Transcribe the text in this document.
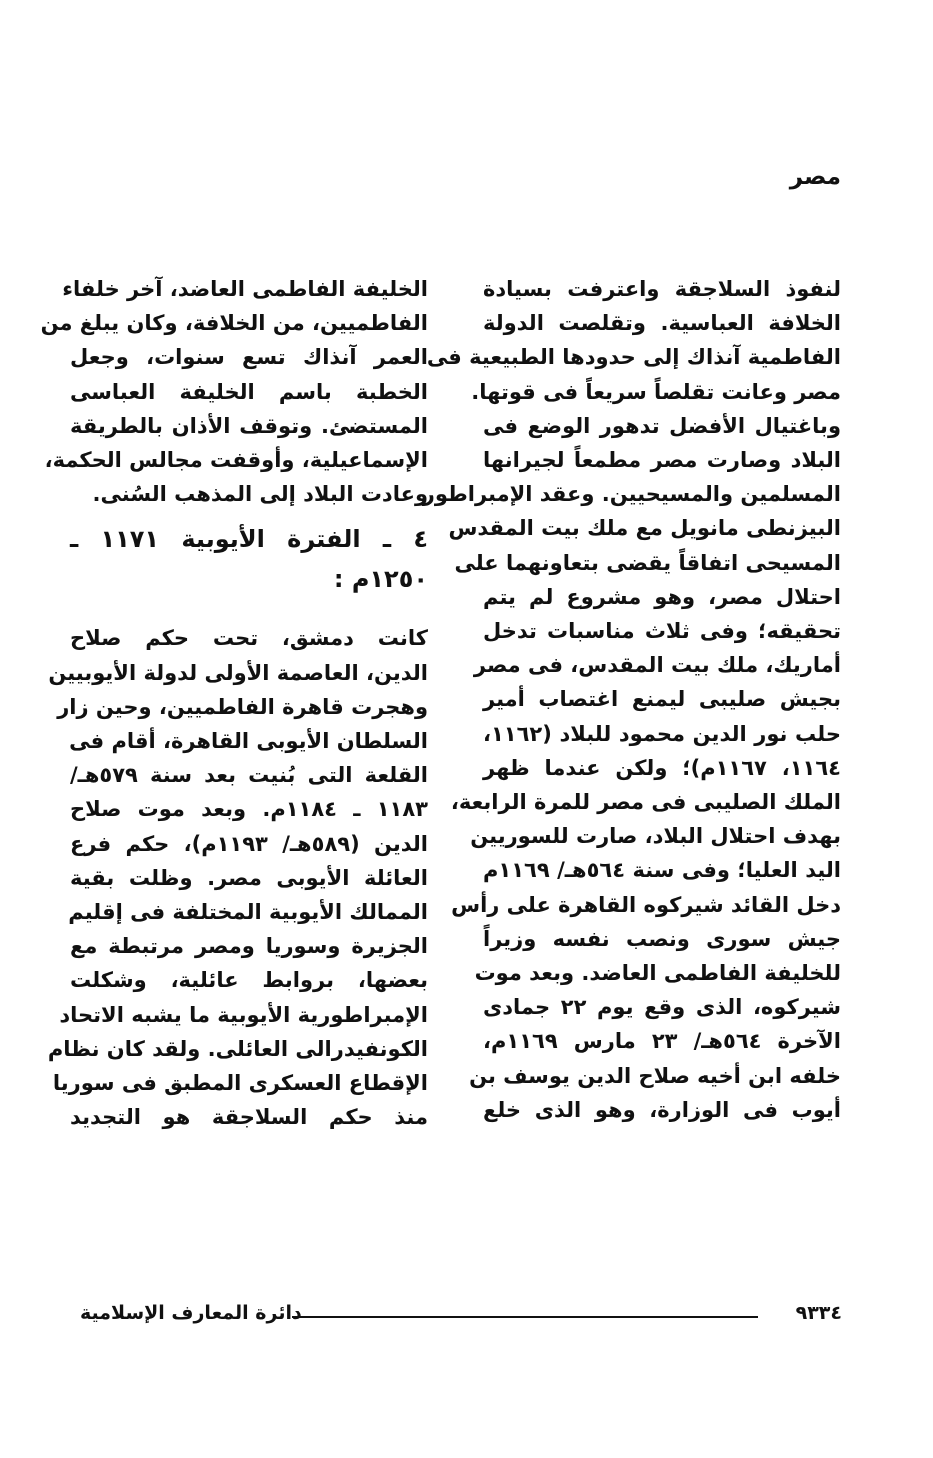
مصر
لنفوذ السلاجقة واعترفت بسيادة
الخلافة العباسية. وتقلصت الدولة
الفاطمية آنذاك إلى حدودها الطبيعية فى
مصر وعانت تقلصاً سريعاً فى قوتها.
وباغتيال الأفضل تدهور الوضع فى
البلاد وصارت مصر مطمعاً لجيرانها
المسلمين والمسيحيين. وعقد الإمبراطور
البيزنطى مانويل مع ملك بيت المقدس
المسيحى اتفاقاً يقضى بتعاونهما على
احتلال مصر، وهو مشروع لم يتم
تحقيقه؛ وفى ثلاث مناسبات تدخل
أماريك، ملك بيت المقدس، فى مصر
بجيش صليبى ليمنع اغتصاب أمير
حلب نور الدين محمود للبلاد (١١٦٢،
١١٦٤، ١١٦٧م)؛ ولكن عندما ظهر
الملك الصليبى فى مصر للمرة الرابعة،
بهدف احتلال البلاد، صارت للسوريين
اليد العليا؛ وفى سنة ٥٦٤هـ/ ١١٦٩م
دخل القائد شيركوه القاهرة على رأس
جيش سورى ونصب نفسه وزيراً
للخليفة الفاطمى العاضد. وبعد موت
شيركوه، الذى وقع يوم ٢٢ جمادى
الآخرة ٥٦٤هـ/ ٢٣ مارس ١١٦٩م،
خلفه ابن أخيه صلاح الدين يوسف بن
أيوب فى الوزارة، وهو الذى خلع
الخليفة الفاطمى العاضد، آخر خلفاء
الفاطميين، من الخلافة، وكان يبلغ من
العمر آنذاك تسع سنوات، وجعل
الخطبة باسم الخليفة العباسى
المستضئ. وتوقف الأذان بالطريقة
الإسماعيلية، وأوقفت مجالس الحكمة،
وعادت البلاد إلى المذهب السُنى.
٤ ـ الفترة الأيوبية ١١٧١ ـ
١٢٥٠م :
كانت دمشق، تحت حكم صلاح
الدين، العاصمة الأولى لدولة الأيوبيين
وهجرت قاهرة الفاطميين، وحين زار
السلطان الأيوبى القاهرة، أقام فى
القلعة التى بُنيت بعد سنة ٥٧٩هـ/
١١٨٣ ـ ١١٨٤م. وبعد موت صلاح
الدين (٥٨٩هـ/ ١١٩٣م)، حكم فرع
العائلة الأيوبى مصر. وظلت بقية
الممالك الأيوبية المختلفة فى إقليم
الجزيرة وسوريا ومصر مرتبطة مع
بعضها، بروابط عائلية، وشكلت
الإمبراطورية الأيوبية ما يشبه الاتحاد
الكونفيدرالى العائلى. ولقد كان نظام
الإقطاع العسكرى المطبق فى سوريا
منذ حكم السلاجقة هو التجديد
٩٣٣٤
دائرة المعارف الإسلامية
